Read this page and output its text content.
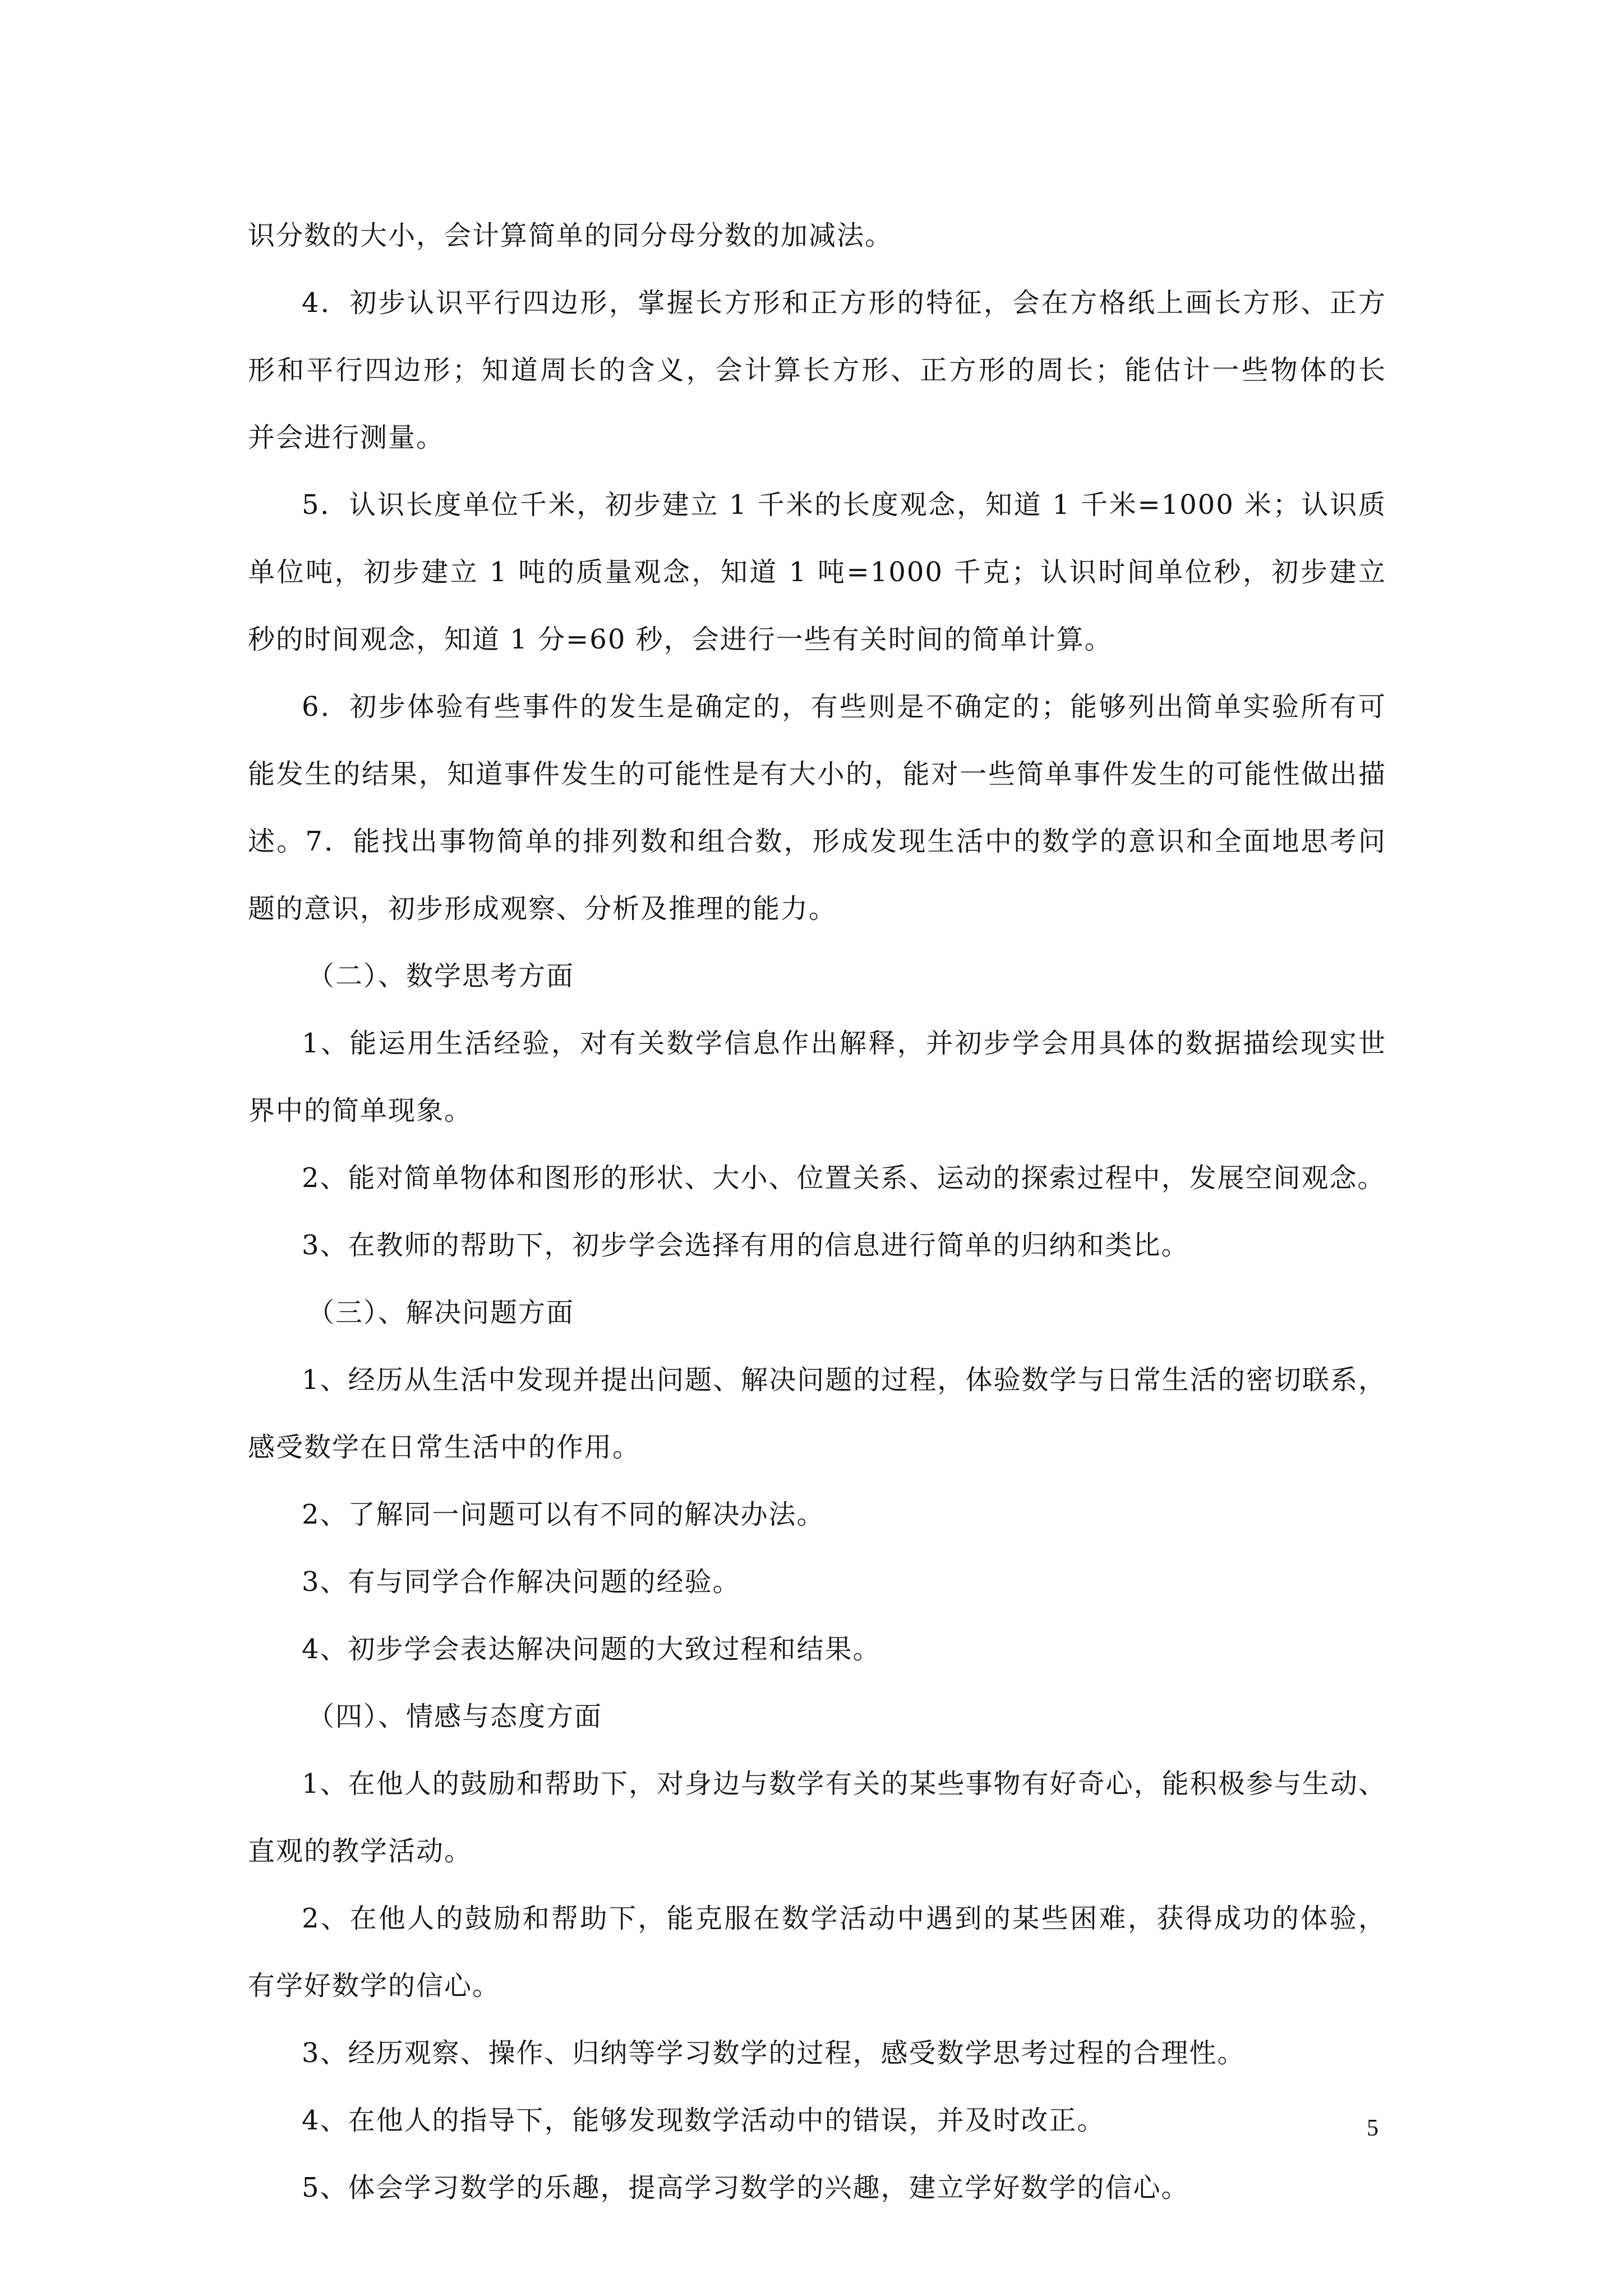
识分数的大小，会计算简单的同分母分数的加减法。
4．初步认识平行四边形，掌握长方形和正方形的特征，会在方格纸上画长方形、正方
形和平行四边形；知道周长的含义，会计算长方形、正方形的周长；能估计一些物体的长
并会进行测量。
5．认识长度单位千米，初步建立 1 千米的长度观念，知道 1 千米=1000 米；认识质
单位吨，初步建立 1 吨的质量观念，知道 1 吨=1000 千克；认识时间单位秒，初步建立
秒的时间观念，知道 1 分=60 秒，会进行一些有关时间的简单计算。
6．初步体验有些事件的发生是确定的，有些则是不确定的；能够列出简单实验所有可
能发生的结果，知道事件发生的可能性是有大小的，能对一些简单事件发生的可能性做出描
述。7．能找出事物简单的排列数和组合数，形成发现生活中的数学的意识和全面地思考问
题的意识，初步形成观察、分析及推理的能力。
（二）、数学思考方面
1、能运用生活经验，对有关数学信息作出解释，并初步学会用具体的数据描绘现实世
界中的简单现象。
2、能对简单物体和图形的形状、大小、位置关系、运动的探索过程中，发展空间观念。
3、在教师的帮助下，初步学会选择有用的信息进行简单的归纳和类比。
（三）、解决问题方面
1、经历从生活中发现并提出问题、解决问题的过程，体验数学与日常生活的密切联系，
感受数学在日常生活中的作用。
2、了解同一问题可以有不同的解决办法。
3、有与同学合作解决问题的经验。
4、初步学会表达解决问题的大致过程和结果。
（四）、情感与态度方面
1、在他人的鼓励和帮助下，对身边与数学有关的某些事物有好奇心，能积极参与生动、
直观的教学活动。
2、在他人的鼓励和帮助下，能克服在数学活动中遇到的某些困难，获得成功的体验，
有学好数学的信心。
3、经历观察、操作、归纳等学习数学的过程，感受数学思考过程的合理性。
4、在他人的指导下，能够发现数学活动中的错误，并及时改正。
5、体会学习数学的乐趣，提高学习数学的兴趣，建立学好数学的信心。
5
